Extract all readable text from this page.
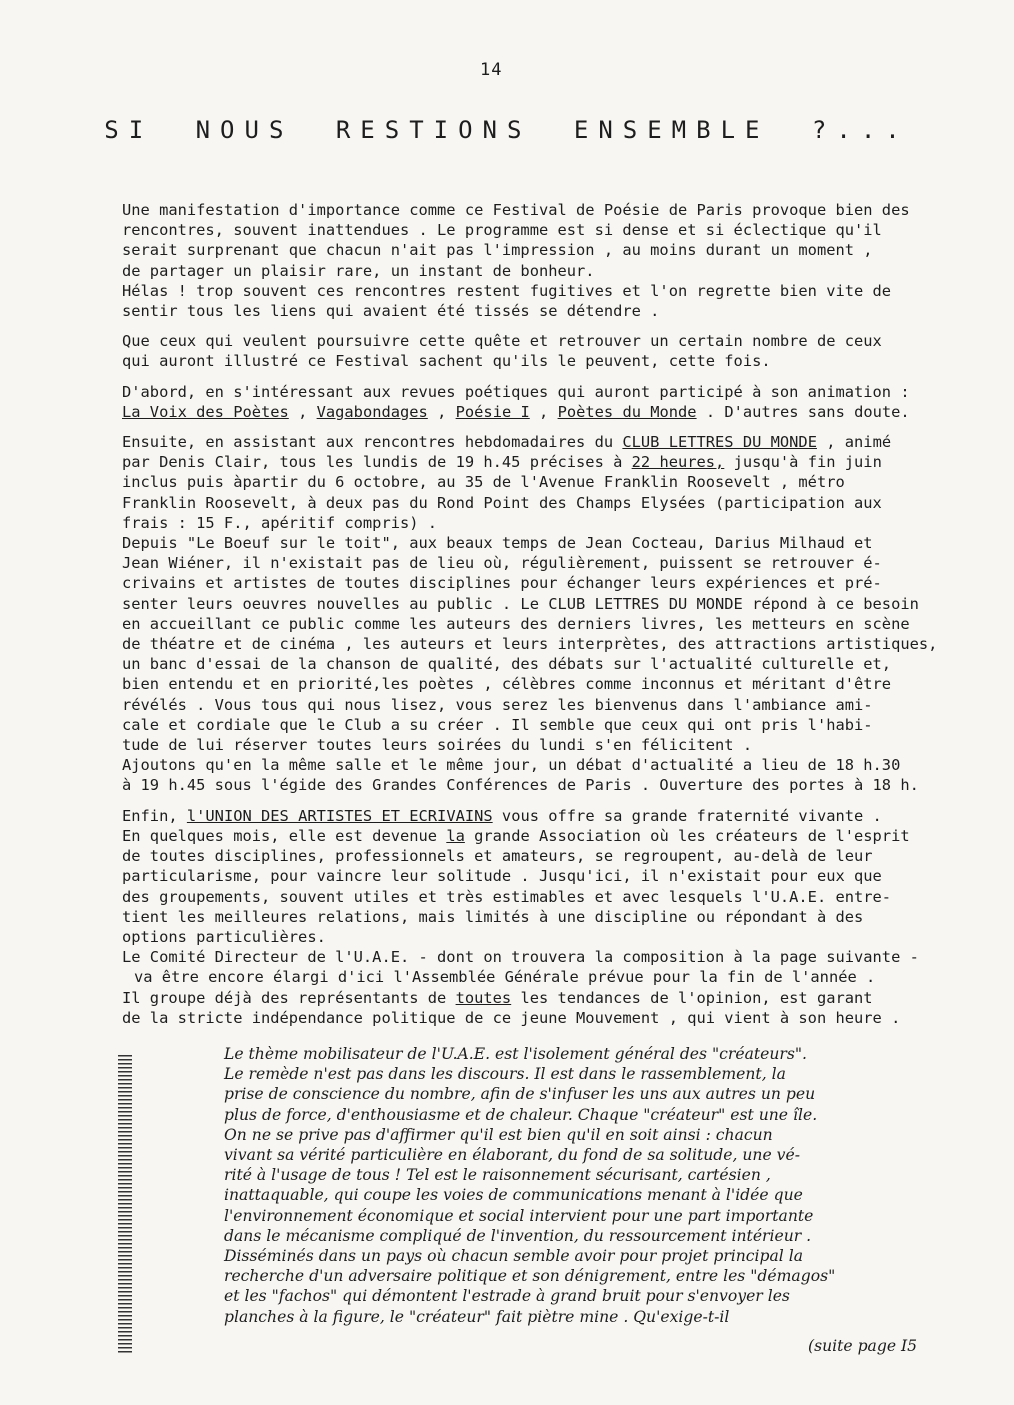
14
SI NOUS RESTIONS ENSEMBLE ?...

Une manifestation d'importance comme ce Festival de Poésie de Paris provoque bien des
rencontres, souvent inattendues . Le programme est si dense et si éclectique qu'il
serait surprenant que chacun n'ait pas l'impression , au moins durant un moment ,
de partager un plaisir rare, un instant de bonheur.
Hélas ! trop souvent ces rencontres restent fugitives et l'on regrette bien vite de
sentir tous les liens qui avaient été tissés se détendre .

Que ceux qui veulent poursuivre cette quête et retrouver un certain nombre de ceux
qui auront illustré ce Festival sachent qu'ils le peuvent, cette fois.

D'abord, en s'intéressant aux revues poétiques qui auront participé à son animation :
La Voix des Poètes , Vagabondages , Poésie I , Poètes du Monde . D'autres sans doute.

Ensuite, en assistant aux rencontres hebdomadaires du CLUB LETTRES DU MONDE , animé
par Denis Clair, tous les lundis de 19 h.45 précises à 22 heures, jusqu'à fin juin
inclus puis àpartir du 6 octobre, au 35 de l'Avenue Franklin Roosevelt , métro
Franklin Roosevelt, à deux pas du Rond Point des Champs Elysées (participation aux
frais : 15 F., apéritif compris) .

Depuis "Le Boeuf sur le toit", aux beaux temps de Jean Cocteau, Darius Milhaud et
Jean Wiéner, il n'existait pas de lieu où, régulièrement, puissent se retrouver é-
crivains et artistes de toutes disciplines pour échanger leurs expériences et pré-
senter leurs oeuvres nouvelles au public . Le CLUB LETTRES DU MONDE répond à ce besoin
en accueillant ce public comme les auteurs des derniers livres, les metteurs en scène
de théatre et de cinéma , les auteurs et leurs interprètes, des attractions artistiques,
un banc d'essai de la chanson de qualité, des débats sur l'actualité culturelle et,
bien entendu et en priorité,les poètes , célèbres comme inconnus et méritant d'être
révélés . Vous tous qui nous lisez, vous serez les bienvenus dans l'ambiance ami-
cale et cordiale que le Club a su créer . Il semble que ceux qui ont pris l'habi-
tude de lui réserver toutes leurs soirées du lundi s'en félicitent .
Ajoutons qu'en la même salle et le même jour, un débat d'actualité a lieu de 18 h.30
à 19 h.45 sous l'égide des Grandes Conférences de Paris . Ouverture des portes à 18 h.

Enfin, l'UNION DES ARTISTES ET ECRIVAINS vous offre sa grande fraternité vivante .
En quelques mois, elle est devenue la grande Association où les créateurs de l'esprit
de toutes disciplines, professionnels et amateurs, se regroupent, au-delà de leur
particularisme, pour vaincre leur solitude . Jusqu'ici, il n'existait pour eux que
des groupements, souvent utiles et très estimables et avec lesquels l'U.A.E. entre-
tient les meilleures relations, mais limités à une discipline ou répondant à des
options particulières.
Le Comité Directeur de l'U.A.E. - dont on trouvera la composition à la page suivante -
va être encore élargi d'ici l'Assemblée Générale prévue pour la fin de l'année .
Il groupe déjà des représentants de toutes les tendances de l'opinion, est garant
de la stricte indépendance politique de ce jeune Mouvement , qui vient à son heure .

Le thème mobilisateur de l'U.A.E. est l'isolement général des "créateurs".
Le remède n'est pas dans les discours. Il est dans le rassemblement, la
prise de conscience du nombre, afin de s'infuser les uns aux autres un peu
plus de force, d'enthousiasme et de chaleur. Chaque "créateur" est une île.
On ne se prive pas d'affirmer qu'il est bien qu'il en soit ainsi : chacun
vivant sa vérité particulière en élaborant, du fond de sa solitude, une vé-
rité à l'usage de tous ! Tel est le raisonnement sécurisant, cartésien ,
inattaquable, qui coupe les voies de communications menant à l'idée que
l'environnement économique et social intervient pour une part importante
dans le mécanisme compliqué de l'invention, du ressourcement intérieur .
Disséminés dans un pays où chacun semble avoir pour projet principal la
recherche d'un adversaire politique et son dénigrement, entre les "démagos"
et les "fachos" qui démontent l'estrade à grand bruit pour s'envoyer les
planches à la figure, le "créateur" fait piètre mine . Qu'exige-t-il
(suite page I5
